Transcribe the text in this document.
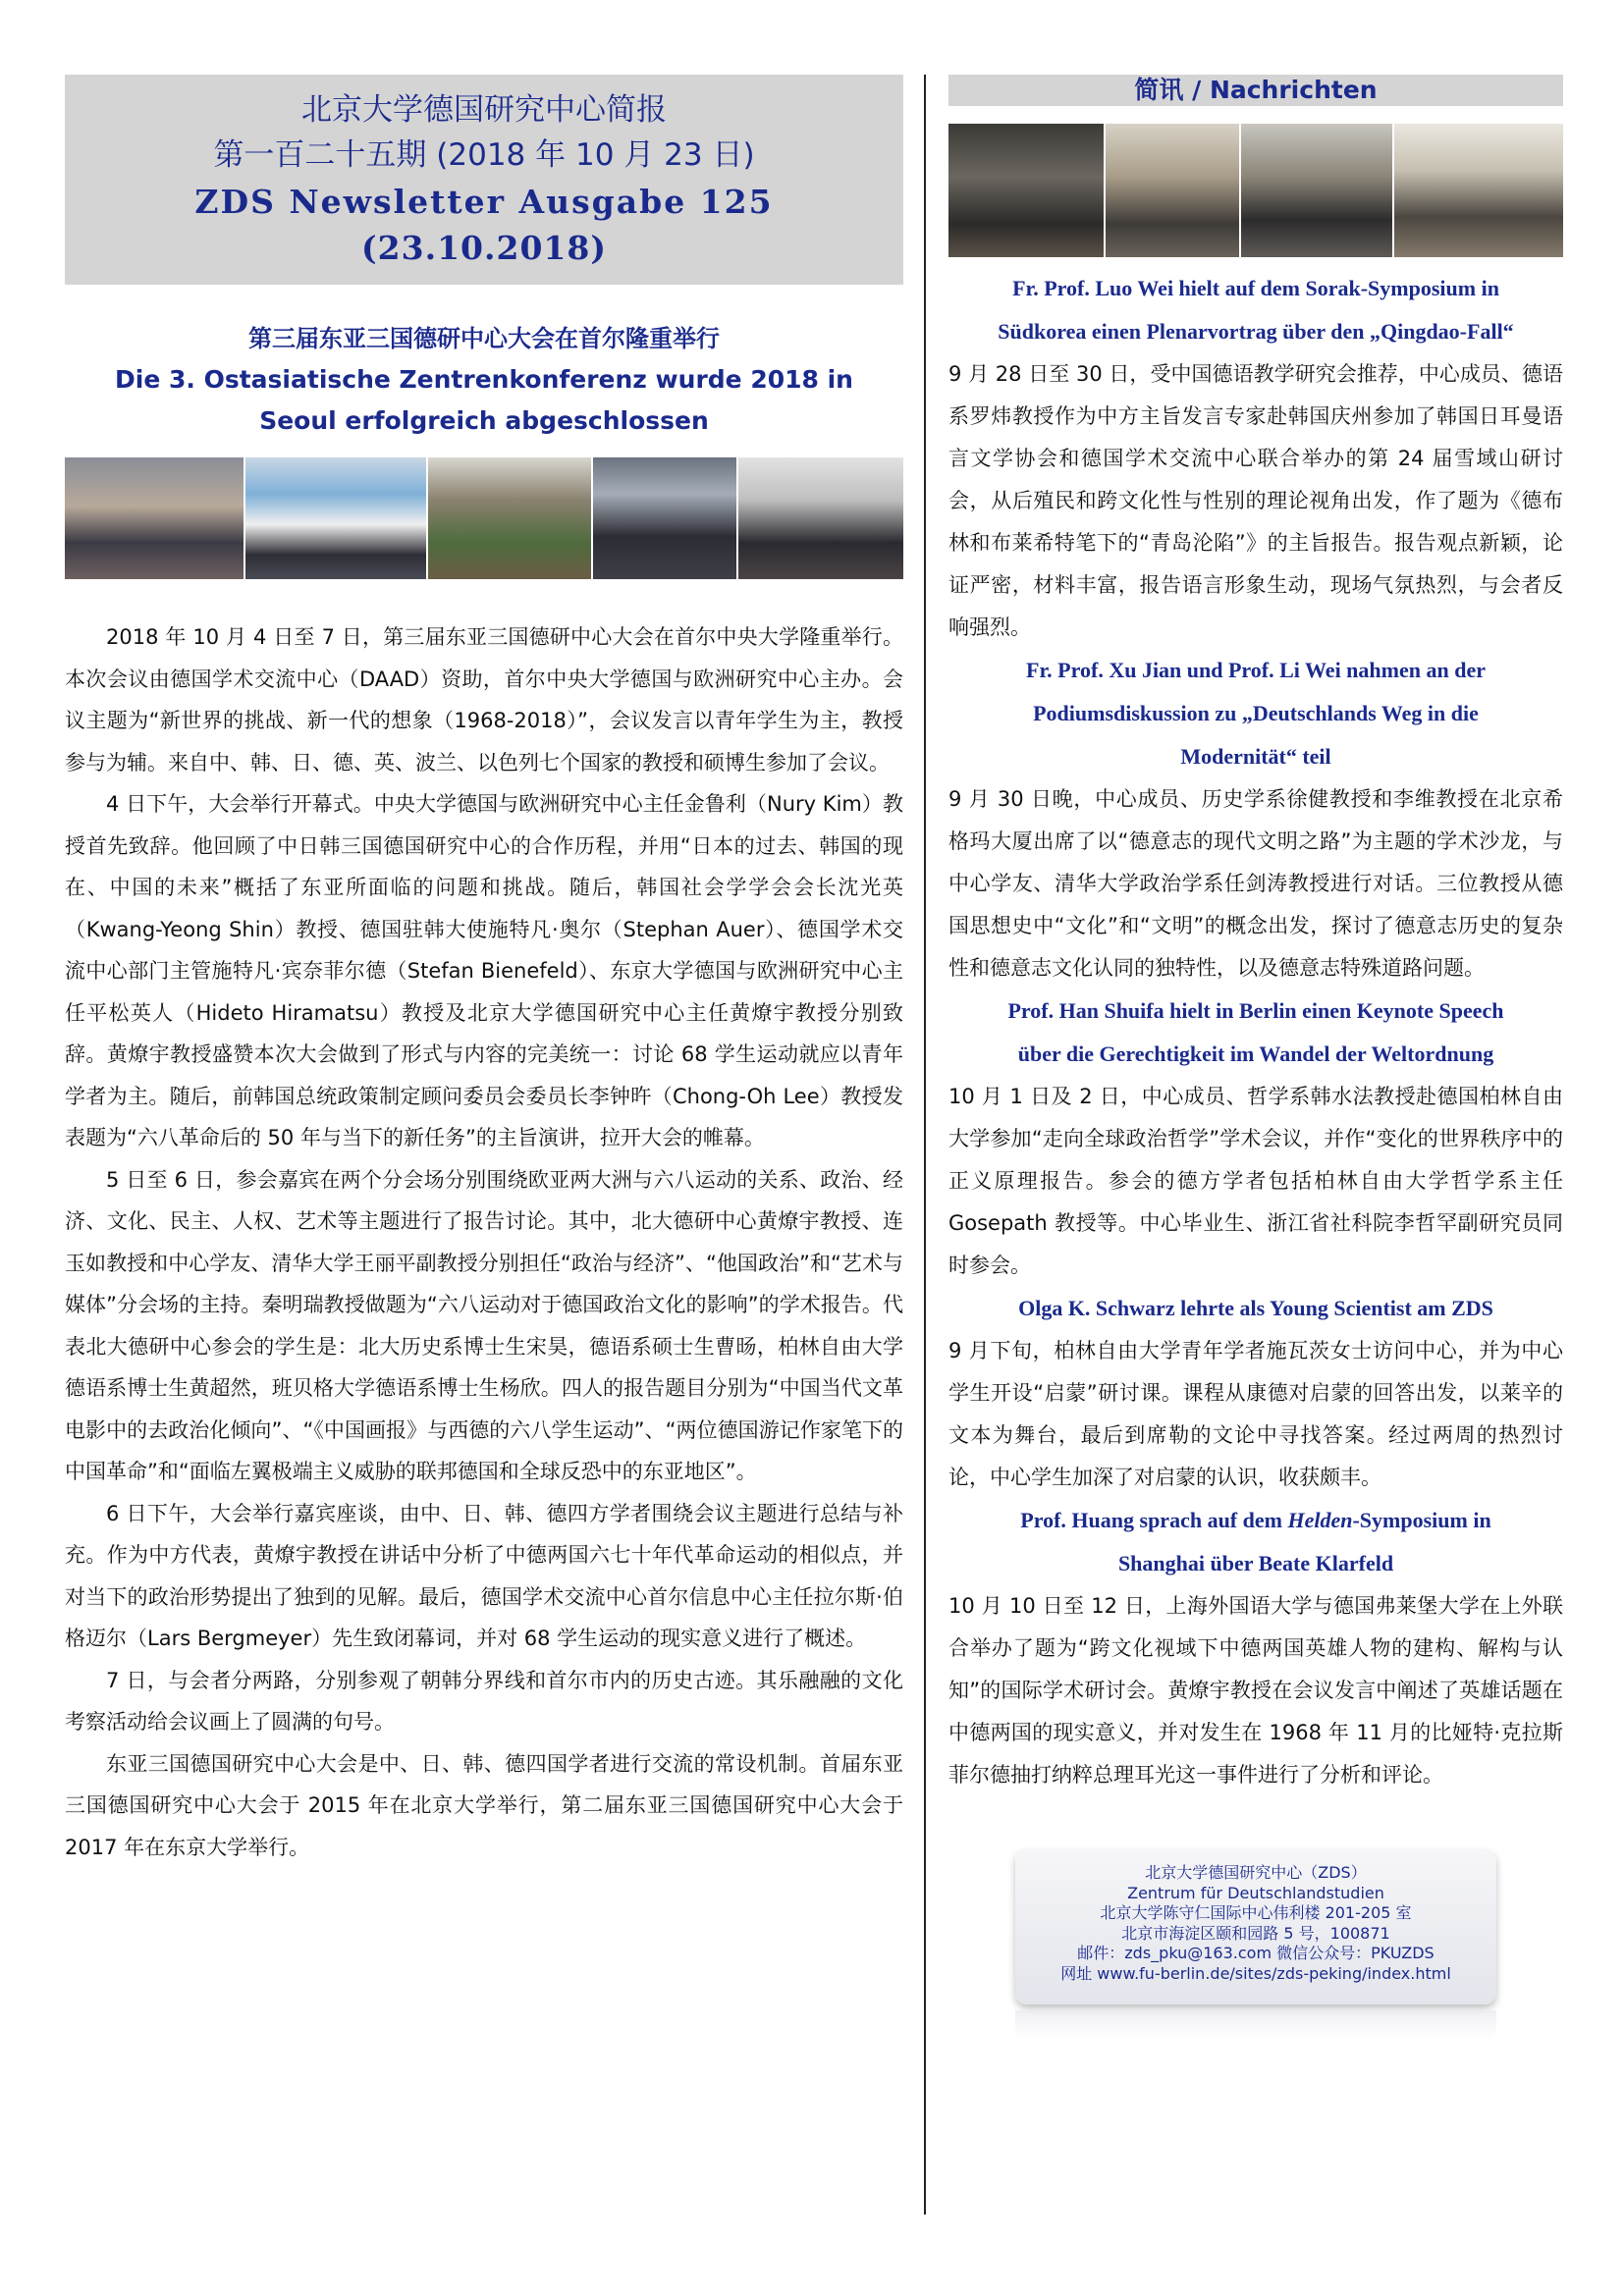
北京大学德国研究中心简报
第一百二十五期 (2018 年 10 月 23 日)
ZDS Newsletter Ausgabe 125
(23.10.2018)
第三届东亚三国德研中心大会在首尔隆重举行
Die 3. Ostasiatische Zentrenkonferenz wurde 2018 in
Seoul erfolgreich abgeschlossen

2018 年 10 月 4 日至 7 日，第三届东亚三国德研中心大会在首尔中央大学隆重举行。本次会议由德国学术交流中心（DAAD）资助，首尔中央大学德国与欧洲研究中心主办。会议主题为“新世界的挑战、新一代的想象（1968-2018）”，会议发言以青年学生为主，教授参与为辅。来自中、韩、日、德、英、波兰、以色列七个国家的教授和硕博生参加了会议。

4 日下午，大会举行开幕式。中央大学德国与欧洲研究中心主任金鲁利（Nury Kim）教授首先致辞。他回顾了中日韩三国德国研究中心的合作历程，并用“日本的过去、韩国的现在、中国的未来”概括了东亚所面临的问题和挑战。随后，韩国社会学学会会长沈光英（Kwang-Yeong Shin）教授、德国驻韩大使施特凡·奥尔（Stephan Auer）、德国学术交流中心部门主管施特凡·宾奈菲尔德（Stefan Bienefeld）、东京大学德国与欧洲研究中心主任平松英人（Hideto Hiramatsu）教授及北京大学德国研究中心主任黄燎宇教授分别致辞。黄燎宇教授盛赞本次大会做到了形式与内容的完美统一：讨论 68 学生运动就应以青年学者为主。随后，前韩国总统政策制定顾问委员会委员长李钟旿（Chong-Oh Lee）教授发表题为“六八革命后的 50 年与当下的新任务”的主旨演讲，拉开大会的帷幕。

5 日至 6 日，参会嘉宾在两个分会场分别围绕欧亚两大洲与六八运动的关系、政治、经济、文化、民主、人权、艺术等主题进行了报告讨论。其中，北大德研中心黄燎宇教授、连玉如教授和中心学友、清华大学王丽平副教授分别担任“政治与经济”、“他国政治”和“艺术与媒体”分会场的主持。秦明瑞教授做题为“六八运动对于德国政治文化的影响”的学术报告。代表北大德研中心参会的学生是：北大历史系博士生宋昊，德语系硕士生曹旸，柏林自由大学德语系博士生黄超然，班贝格大学德语系博士生杨欣。四人的报告题目分别为“中国当代文革电影中的去政治化倾向”、“《中国画报》与西德的六八学生运动”、“两位德国游记作家笔下的中国革命”和“面临左翼极端主义威胁的联邦德国和全球反恐中的东亚地区”。

6 日下午，大会举行嘉宾座谈，由中、日、韩、德四方学者围绕会议主题进行总结与补充。作为中方代表，黄燎宇教授在讲话中分析了中德两国六七十年代革命运动的相似点，并对当下的政治形势提出了独到的见解。最后，德国学术交流中心首尔信息中心主任拉尔斯·伯格迈尔（Lars Bergmeyer）先生致闭幕词，并对 68 学生运动的现实意义进行了概述。

7 日，与会者分两路，分别参观了朝韩分界线和首尔市内的历史古迹。其乐融融的文化考察活动给会议画上了圆满的句号。

东亚三国德国研究中心大会是中、日、韩、德四国学者进行交流的常设机制。首届东亚三国德国研究中心大会于 2015 年在北京大学举行，第二届东亚三国德国研究中心大会于 2017 年在东京大学举行。

简讯 / Nachrichten
Fr. Prof. Luo Wei hielt auf dem Sorak-Symposium in
Südkorea einen Plenarvortrag über den „Qingdao-Fall“

9 月 28 日至 30 日，受中国德语教学研究会推荐，中心成员、德语系罗炜教授作为中方主旨发言专家赴韩国庆州参加了韩国日耳曼语言文学协会和德国学术交流中心联合举办的第 24 届雪域山研讨会，从后殖民和跨文化性与性别的理论视角出发，作了题为《德布林和布莱希特笔下的“青岛沦陷”》的主旨报告。报告观点新颖，论证严密，材料丰富，报告语言形象生动，现场气氛热烈，与会者反响强烈。

Fr. Prof. Xu Jian und Prof. Li Wei nahmen an der
Podiumsdiskussion zu „Deutschlands Weg in die
Modernität“ teil

9 月 30 日晚，中心成员、历史学系徐健教授和李维教授在北京希格玛大厦出席了以“德意志的现代文明之路”为主题的学术沙龙，与中心学友、清华大学政治学系任剑涛教授进行对话。三位教授从德国思想史中“文化”和“文明”的概念出发，探讨了德意志历史的复杂性和德意志文化认同的独特性，以及德意志特殊道路问题。

Prof. Han Shuifa hielt in Berlin einen Keynote Speech
über die Gerechtigkeit im Wandel der Weltordnung

10 月 1 日及 2 日，中心成员、哲学系韩水法教授赴德国柏林自由大学参加“走向全球政治哲学”学术会议，并作“变化的世界秩序中的正义原理报告。参会的德方学者包括柏林自由大学哲学系主任 Gosepath 教授等。中心毕业生、浙江省社科院李哲罕副研究员同时参会。

Olga K. Schwarz lehrte als Young Scientist am ZDS

9 月下旬，柏林自由大学青年学者施瓦茨女士访问中心，并为中心学生开设“启蒙”研讨课。课程从康德对启蒙的回答出发，以莱辛的文本为舞台，最后到席勒的文论中寻找答案。经过两周的热烈讨论，中心学生加深了对启蒙的认识，收获颇丰。

Prof. Huang sprach auf dem Helden-Symposium in
Shanghai über Beate Klarfeld

10 月 10 日至 12 日，上海外国语大学与德国弗莱堡大学在上外联合举办了题为“跨文化视域下中德两国英雄人物的建构、解构与认知”的国际学术研讨会。黄燎宇教授在会议发言中阐述了英雄话题在中德两国的现实意义，并对发生在 1968 年 11 月的比娅特·克拉斯菲尔德抽打纳粹总理耳光这一事件进行了分析和评论。

北京大学德国研究中心（ZDS）
Zentrum für Deutschlandstudien
北京大学陈守仁国际中心伟利楼 201-205 室
北京市海淀区颐和园路 5 号，100871
邮件：zds_pku@163.com 微信公众号：PKUZDS
网址 www.fu-berlin.de/sites/zds-peking/index.html
